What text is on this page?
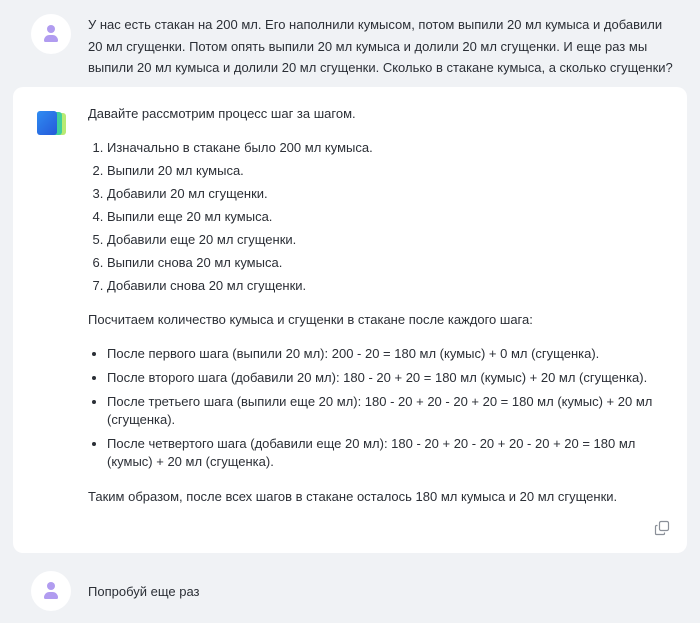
У нас есть стакан на 200 мл. Его наполнили кумысом, потом выпили 20 мл кумыса и добавили 20 мл сгущенки. Потом опять выпили 20 мл кумыса и долили 20 мл сгущенки. И еще раз мы выпили 20 мл кумыса и долили 20 мл сгущенки. Сколько в стакане кумыса, а сколько сгущенки?

Давайте рассмотрим процесс шаг за шагом.

1. Изначально в стакане было 200 мл кумыса.
2. Выпили 20 мл кумыса.
3. Добавили 20 мл сгущенки.
4. Выпили еще 20 мл кумыса.
5. Добавили еще 20 мл сгущенки.
6. Выпили снова 20 мл кумыса.
7. Добавили снова 20 мл сгущенки.

Посчитаем количество кумыса и сгущенки в стакане после каждого шага:

• После первого шага (выпили 20 мл): 200 - 20 = 180 мл (кумыс) + 0 мл (сгущенка).
• После второго шага (добавили 20 мл): 180 - 20 + 20 = 180 мл (кумыс) + 20 мл (сгущенка).
• После третьего шага (выпили еще 20 мл): 180 - 20 + 20 - 20 + 20 = 180 мл (кумыс) + 20 мл (сгущенка).
• После четвертого шага (добавили еще 20 мл): 180 - 20 + 20 - 20 + 20 - 20 + 20 = 180 мл (кумыс) + 20 мл (сгущенка).

Таким образом, после всех шагов в стакане осталось 180 мл кумыса и 20 мл сгущенки.

Попробуй еще раз
